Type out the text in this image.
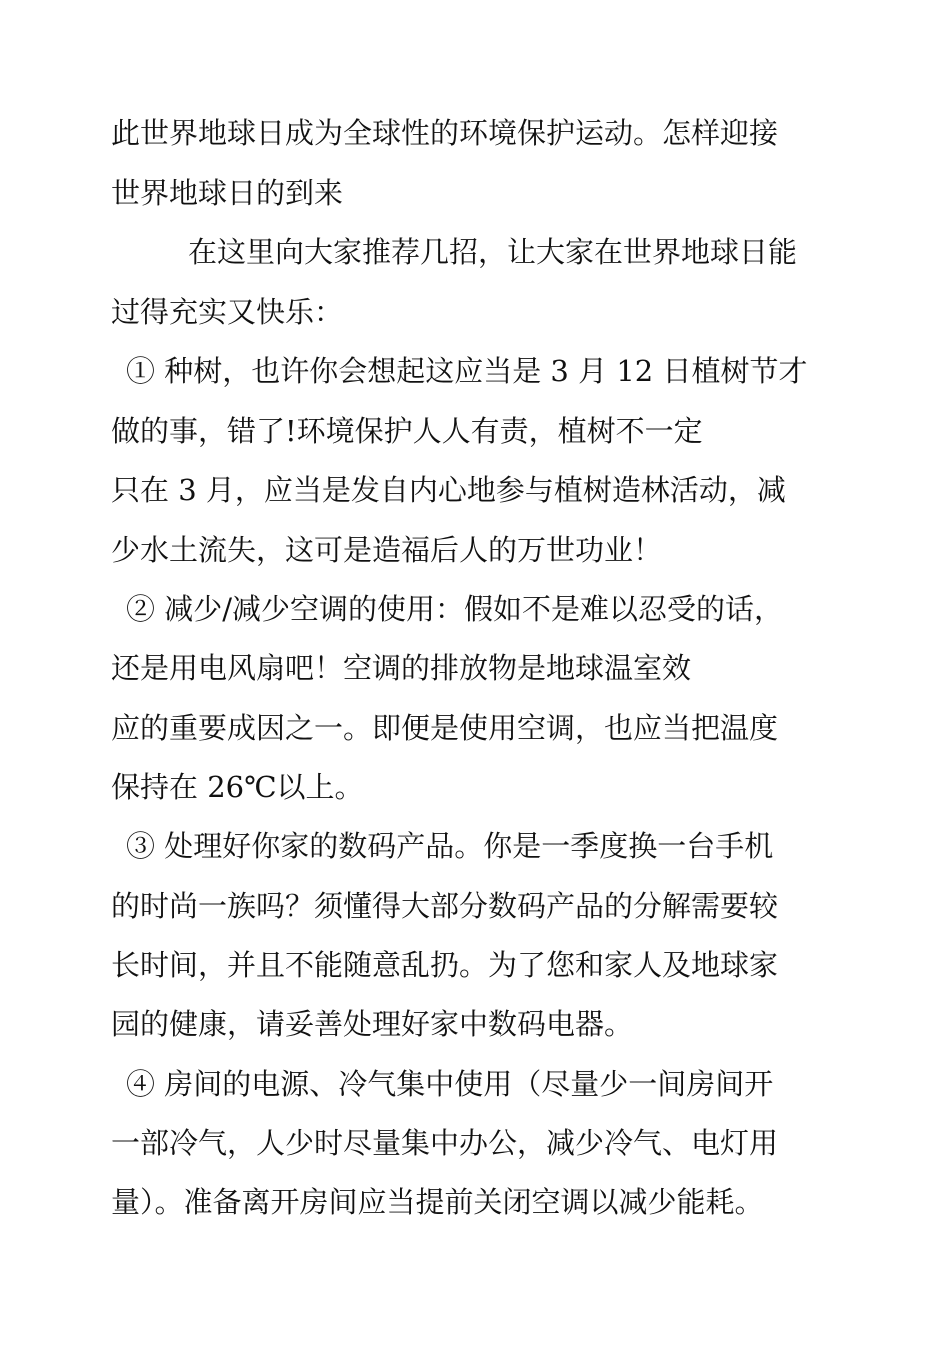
此世界地球日成为全球性的环境保护运动。怎样迎接
世界地球日的到来
在这里向大家推荐几招，让大家在世界地球日能
过得充实又快乐：
① 种树，也许你会想起这应当是 3 月 12 日植树节才
做的事，错了!环境保护人人有责，植树不一定
只在 3 月，应当是发自内心地参与植树造林活动，减
少水土流失，这可是造福后人的万世功业！
② 减少/减少空调的使用：假如不是难以忍受的话，
还是用电风扇吧！空调的排放物是地球温室效
应的重要成因之一。即便是使用空调，也应当把温度
保持在 26℃以上。
③ 处理好你家的数码产品。你是一季度换一台手机
的时尚一族吗？须懂得大部分数码产品的分解需要较
长时间，并且不能随意乱扔。为了您和家人及地球家
园的健康，请妥善处理好家中数码电器。
④ 房间的电源、冷气集中使用（尽量少一间房间开
一部冷气，人少时尽量集中办公，减少冷气、电灯用
量）。准备离开房间应当提前关闭空调以减少能耗。
